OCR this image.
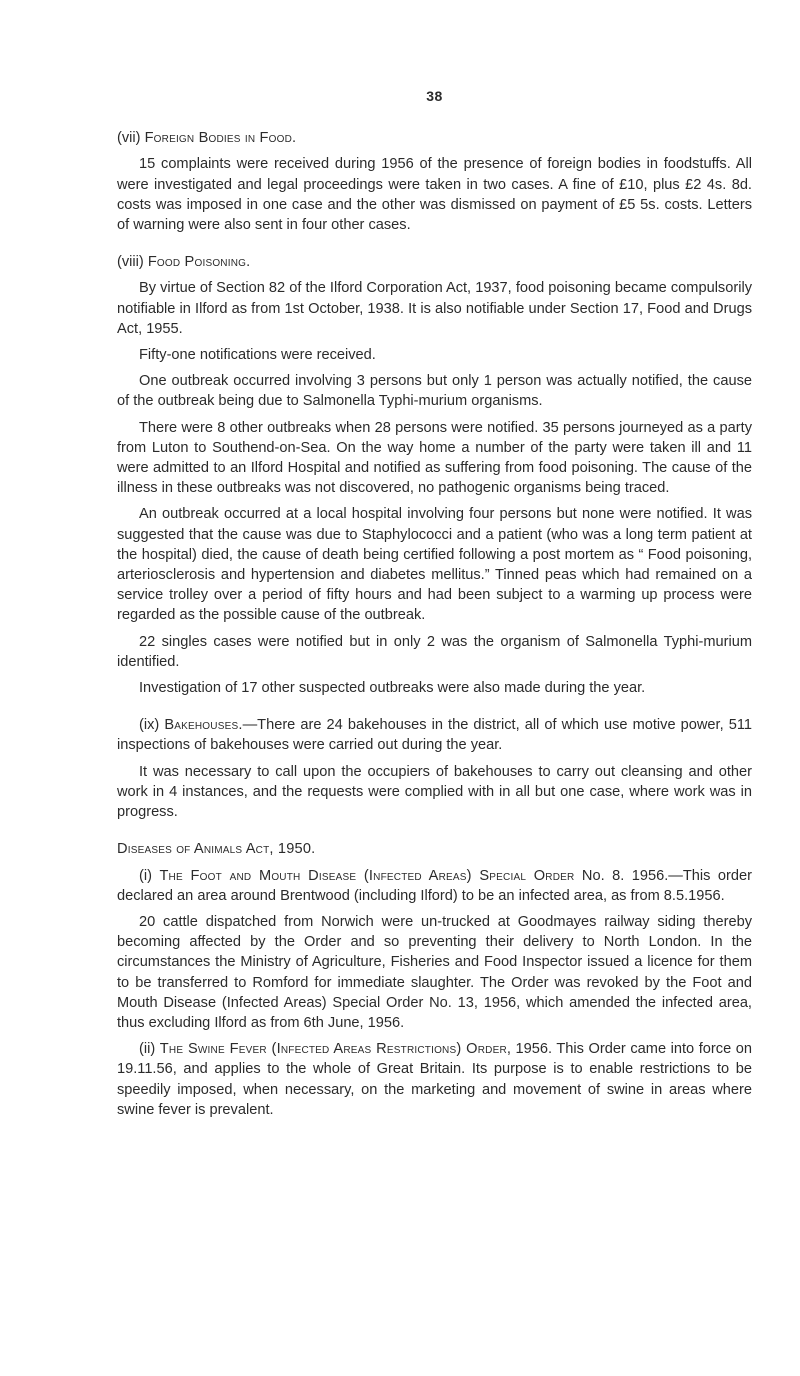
38
(vii) Foreign Bodies in Food.

15 complaints were received during 1956 of the presence of foreign bodies in foodstuffs. All were investigated and legal proceedings were taken in two cases. A fine of £10, plus £2 4s. 8d. costs was imposed in one case and the other was dismissed on payment of £5 5s. costs. Letters of warning were also sent in four other cases.

(viii) Food Poisoning.

By virtue of Section 82 of the Ilford Corporation Act, 1937, food poisoning became compulsorily notifiable in Ilford as from 1st October, 1938. It is also notifiable under Section 17, Food and Drugs Act, 1955.

Fifty-one notifications were received.

One outbreak occurred involving 3 persons but only 1 person was actually notified, the cause of the outbreak being due to Salmonella Typhi-murium organisms.

There were 8 other outbreaks when 28 persons were notified. 35 persons journeyed as a party from Luton to Southend-on-Sea. On the way home a number of the party were taken ill and 11 were admitted to an Ilford Hospital and notified as suffering from food poisoning. The cause of the illness in these outbreaks was not discovered, no pathogenic organisms being traced.

An outbreak occurred at a local hospital involving four persons but none were notified. It was suggested that the cause was due to Staphylococci and a patient (who was a long term patient at the hospital) died, the cause of death being certified following a post mortem as “ Food poisoning, arteriosclerosis and hypertension and diabetes mellitus.” Tinned peas which had remained on a service trolley over a period of fifty hours and had been subject to a warming up process were regarded as the possible cause of the outbreak.

22 singles cases were notified but in only 2 was the organism of Salmonella Typhi-murium identified.

Investigation of 17 other suspected outbreaks were also made during the year.

(ix) Bakehouses.—There are 24 bakehouses in the district, all of which use motive power, 511 inspections of bakehouses were carried out during the year.

It was necessary to call upon the occupiers of bakehouses to carry out cleansing and other work in 4 instances, and the requests were complied with in all but one case, where work was in progress.

Diseases of Animals Act, 1950.

(i) The Foot and Mouth Disease (Infected Areas) Special Order No. 8. 1956.—This order declared an area around Brentwood (including Ilford) to be an infected area, as from 8.5.1956.

20 cattle dispatched from Norwich were un-trucked at Goodmayes railway siding thereby becoming affected by the Order and so preventing their delivery to North London. In the circumstances the Ministry of Agriculture, Fisheries and Food Inspector issued a licence for them to be transferred to Romford for immediate slaughter. The Order was revoked by the Foot and Mouth Disease (Infected Areas) Special Order No. 13, 1956, which amended the infected area, thus excluding Ilford as from 6th June, 1956.

(ii) The Swine Fever (Infected Areas Restrictions) Order, 1956. This Order came into force on 19.11.56, and applies to the whole of Great Britain. Its purpose is to enable restrictions to be speedily imposed, when necessary, on the marketing and movement of swine in areas where swine fever is prevalent.
